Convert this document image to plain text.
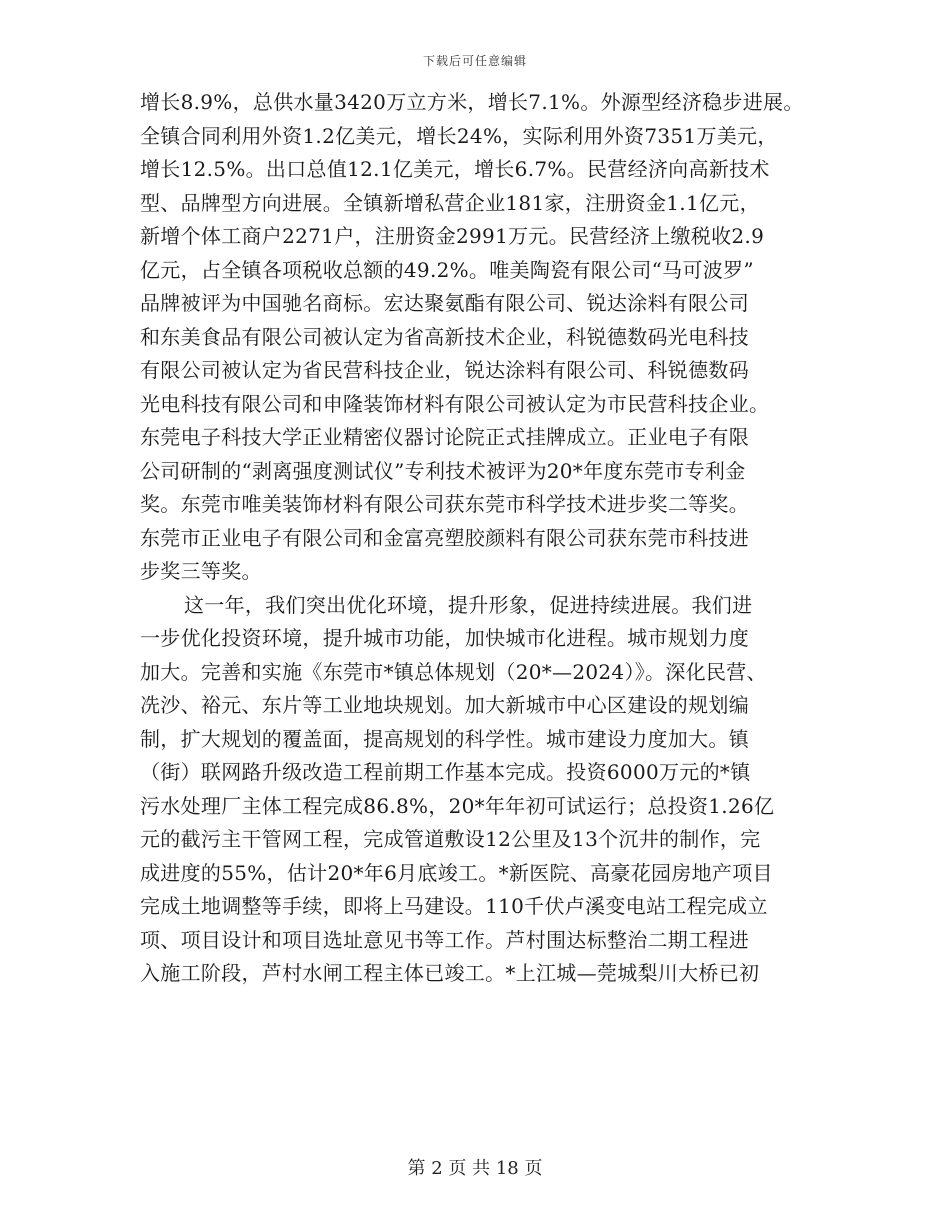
下载后可任意编辑
增长8.9%，总供水量3420万立方米，增长7.1%。外源型经济稳步进展。
全镇合同利用外资1.2亿美元，增长24%，实际利用外资7351万美元，
增长12.5%。出口总值12.1亿美元，增长6.7%。民营经济向高新技术
型、品牌型方向进展。全镇新增私营企业181家，注册资金1.1亿元，
新增个体工商户2271户，注册资金2991万元。民营经济上缴税收2.9
亿元，占全镇各项税收总额的49.2%。唯美陶瓷有限公司“马可波罗”
品牌被评为中国驰名商标。宏达聚氨酯有限公司、锐达涂料有限公司
和东美食品有限公司被认定为省高新技术企业，科锐德数码光电科技
有限公司被认定为省民营科技企业，锐达涂料有限公司、科锐德数码
光电科技有限公司和申隆装饰材料有限公司被认定为市民营科技企业。
东莞电子科技大学正业精密仪器讨论院正式挂牌成立。正业电子有限
公司研制的“剥离强度测试仪”专利技术被评为20*年度东莞市专利金
奖。东莞市唯美装饰材料有限公司获东莞市科学技术进步奖二等奖。
东莞市正业电子有限公司和金富亮塑胶颜料有限公司获东莞市科技进
步奖三等奖。
这一年，我们突出优化环境，提升形象，促进持续进展。我们进
一步优化投资环境，提升城市功能，加快城市化进程。城市规划力度
加大。完善和实施《东莞市*镇总体规划（20*—2024）》。深化民营、
冼沙、裕元、东片等工业地块规划。加大新城市中心区建设的规划编
制，扩大规划的覆盖面，提高规划的科学性。城市建设力度加大。镇
（街）联网路升级改造工程前期工作基本完成。投资6000万元的*镇
污水处理厂主体工程完成86.8%，20*年年初可试运行；总投资1.26亿
元的截污主干管网工程，完成管道敷设12公里及13个沉井的制作，完
成进度的55%，估计20*年6月底竣工。*新医院、高豪花园房地产项目
完成土地调整等手续，即将上马建设。110千伏卢溪变电站工程完成立
项、项目设计和项目选址意见书等工作。芦村围达标整治二期工程进
入施工阶段，芦村水闸工程主体已竣工。*上江城—莞城梨川大桥已初
第 2 页 共 18 页
